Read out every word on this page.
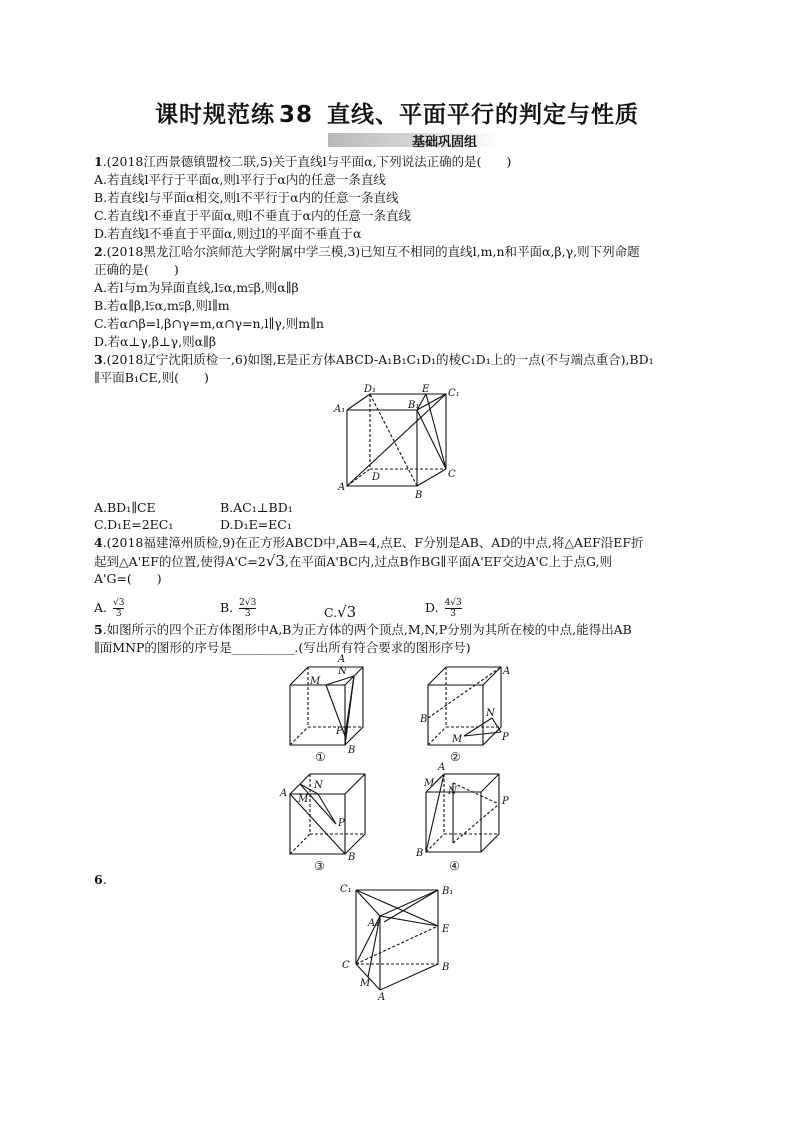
课时规范练 38 直线、平面平行的判定与性质
基础巩固组
1.(2018江西景德镇盟校二联,5)关于直线l与平面α,下列说法正确的是(　　)
A.若直线l平行于平面α,则l平行于α内的任意一条直线
B.若直线l与平面α相交,则l不平行于α内的任意一条直线
C.若直线l不垂直于平面α,则l不垂直于α内的任意一条直线
D.若直线l不垂直于平面α,则过l的平面不垂直于α
2.(2018黑龙江哈尔滨师范大学附属中学三模,3)已知互不相同的直线l,m,n和平面α,β,γ,则下列命题
正确的是(　　)
A.若l与m为异面直线,l⫋α,m⫋β,则α∥β
B.若α∥β,l⫋α,m⫋β,则l∥m
C.若α∩β=l,β∩γ=m,α∩γ=n,l∥γ,则m∥n
D.若α⊥γ,β⊥γ,则α∥β
3.(2018辽宁沈阳质检一,6)如图,E是正方体ABCD-A₁B₁C₁D₁的棱C₁D₁上的一点(不与端点重合),BD₁
∥平面B₁CE,则(　　)
D₁	E C₁
A₁	B₁
D	C
A
B
A.BD₁∥CE	B.AC₁⊥BD₁
C.D₁E=2EC₁	D.D₁E=EC₁
4.(2018福建漳州质检,9)在正方形ABCD中,AB=4,点E、F分别是AB、AD的中点,将△AEF沿EF折
起到△A'EF的位置,使得A'C=2√3,在平面A'BC内,过点B作BG∥平面A'EF交边A'C上于点G,则
A'G=(　　)
A. $\frac{√3}{3}$	B. $\frac{2√3}{3}$	C.√3	D. $\frac{4√3}{3}$
5.如图所示的四个正方体图形中A,B为正方体的两个顶点,M,N,P分别为其所在棱的中点,能得出AB
∥面MNP的图形的序号是__________.(写出所有符合要求的图形序号)
A
N
M
P
B
①
A
B
N
M	P
②
A
N
M
P
B
③
A
M
N
P
B
④
6.
C₁	B₁
A₁
E
C	B
M
A
